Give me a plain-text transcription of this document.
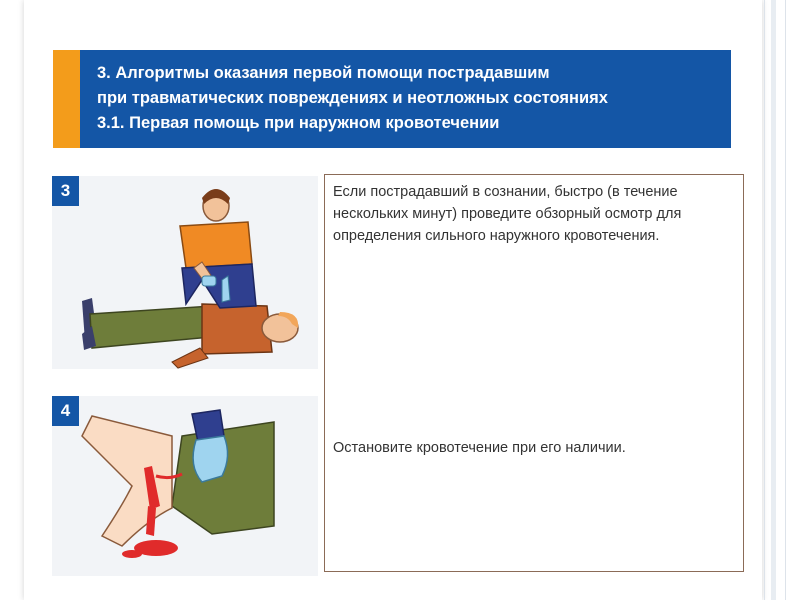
3. Алгоритмы оказания первой помощи пострадавшим
при травматических повреждениях и неотложных состояниях
3.1. Первая помощь при наружном кровотечении
3
4
Если пострадавший в сознании, быстро (в течение нескольких минут) проведите обзорный осмотр для определения сильного наружного кровотечения.
Остановите кровотечение при его наличии.
